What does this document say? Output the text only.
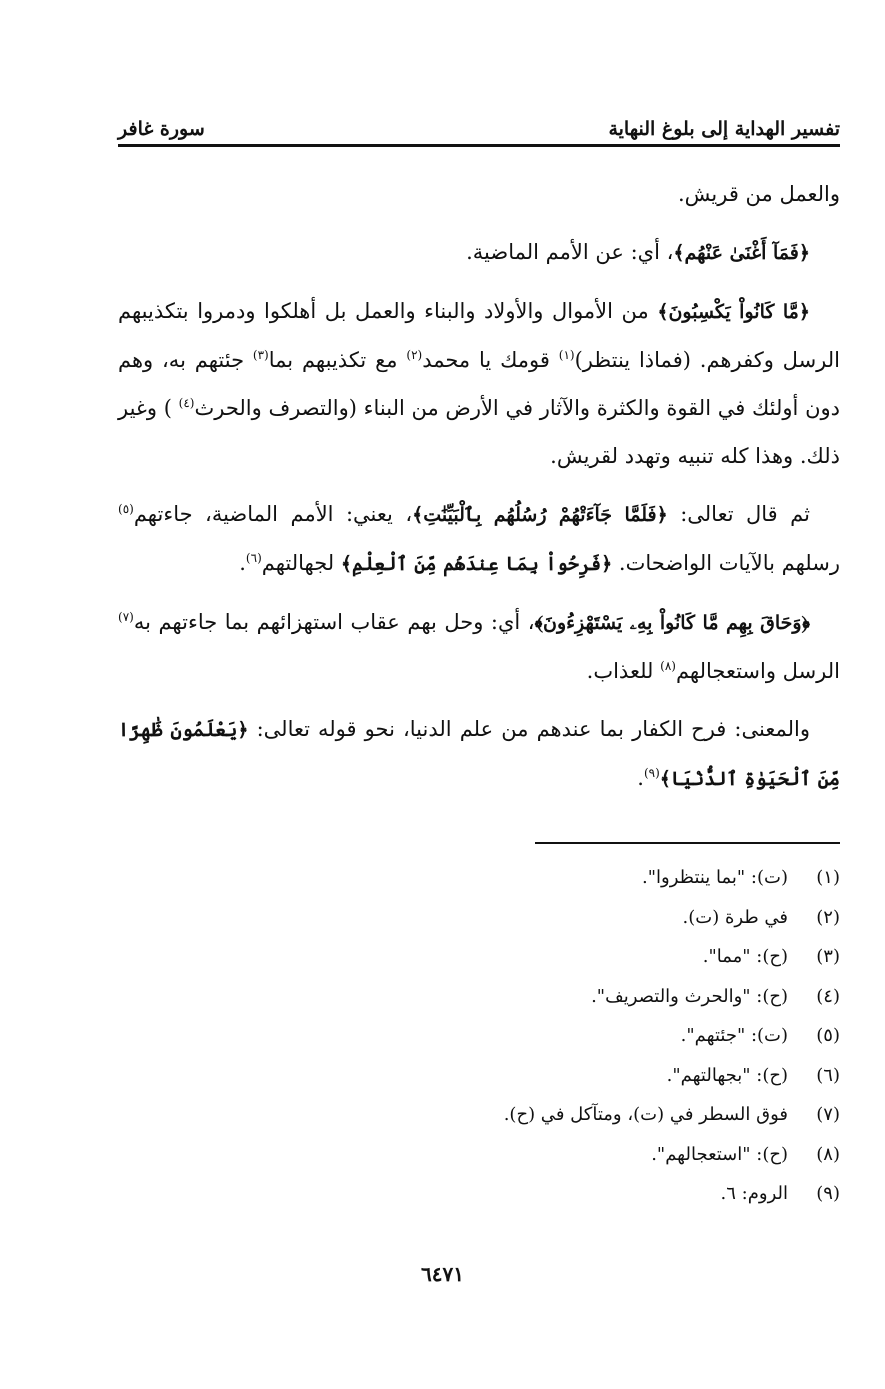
تفسير الهداية إلى بلوغ النهاية
سورة غافر

والعمل من قريش.

﴿فَمَآ أَغْنَىٰ عَنْهُم﴾، أي: عن الأمم الماضية.

﴿مَّا كَانُواْ يَكْسِبُونَ﴾ من الأموال والأولاد والبناء والعمل بل أهلكوا ودمروا بتكذيبهم الرسل وكفرهم. (فماذا ينتظر)$^{(١)}$ قومك يا محمد$^{(٢)}$ مع تكذيبهم بما$^{(٣)}$ جئتهم به، وهم دون أولئك في القوة والكثرة والآثار في الأرض من البناء (والتصرف والحرث$^{(٤)}$ ) وغير ذلك. وهذا كله تنبيه وتهدد لقريش.

ثم قال تعالى: ﴿فَلَمَّا جَآءَتْهُمْ رُسُلُهُم بِٱلْبَيِّنَٰتِ﴾، يعني: الأمم الماضية، جاءتهم$^{(٥)}$ رسلهم بالآيات الواضحات. ﴿فَرِحُواْ بِمَا عِندَهُم مِّنَ ٱلْعِلْمِ﴾ لجهالتهم$^{(٦)}$.

﴿وَحَاقَ بِهِم مَّا كَانُواْ بِهِۦ يَسْتَهْزِءُونَ﴾، أي: وحل بهم عقاب استهزائهم بما جاءتهم به$^{(٧)}$ الرسل واستعجالهم$^{(٨)}$ للعذاب.

والمعنى: فرح الكفار بما عندهم من علم الدنيا، نحو قوله تعالى: ﴿يَعْلَمُونَ ظَٰهِرًا مِّنَ ٱلْحَيَوٰةِ ٱلدُّنْيَا﴾$^{(٩)}$.

(١)
(ت): "بما ينتظروا".
(٢)
في طرة (ت).
(٣)
(ح): "مما".
(٤)
(ح): "والحرث والتصريف".
(٥)
(ت): "جئتهم".
(٦)
(ح): "بجهالتهم".
(٧)
فوق السطر في (ت)، ومتآكل في (ح).
(٨)
(ح): "استعجالهم".
(٩)
الروم: ٦.
٦٤٧١
